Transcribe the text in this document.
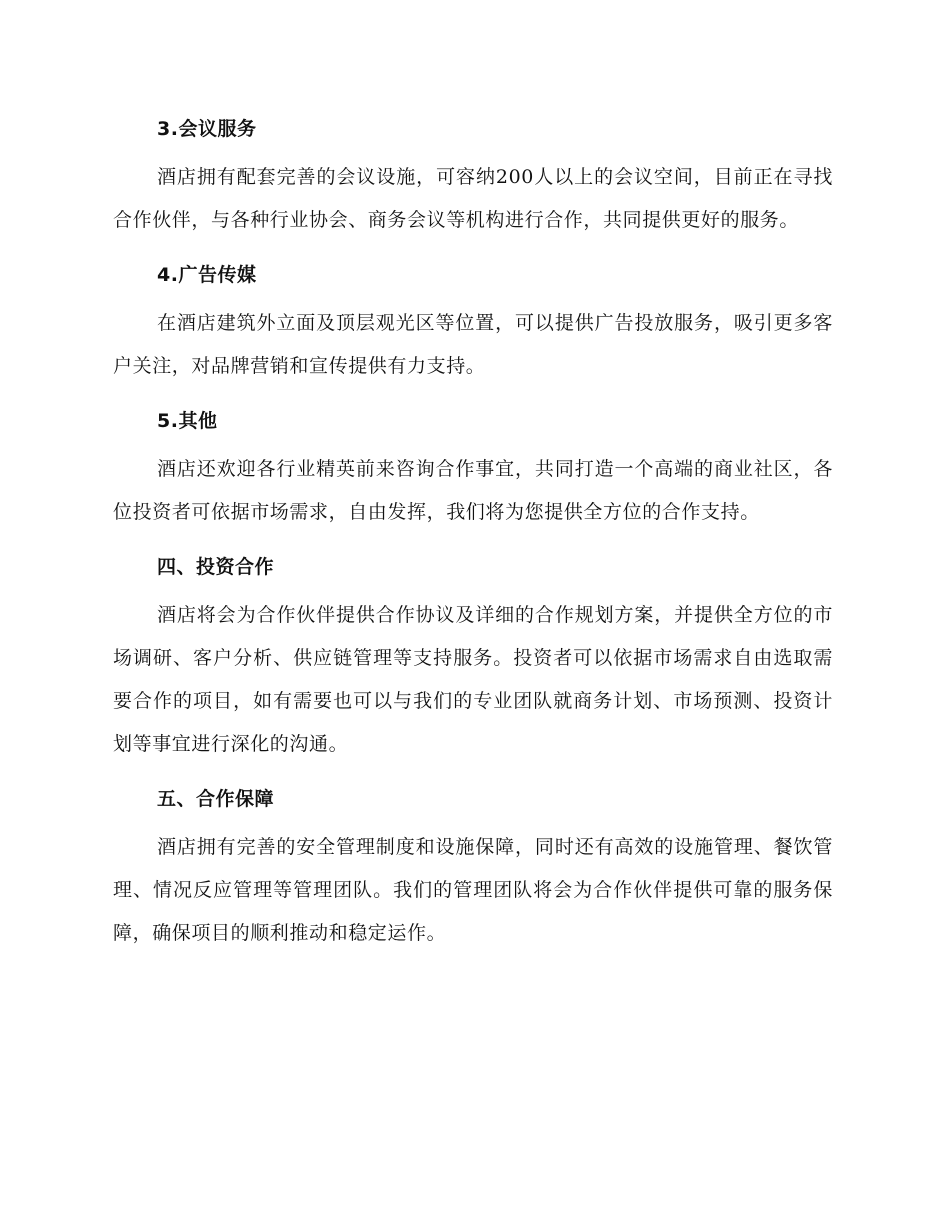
3.会议服务

酒店拥有配套完善的会议设施，可容纳200人以上的会议空间，目前正在寻找合作伙伴，与各种行业协会、商务会议等机构进行合作，共同提供更好的服务。

4.广告传媒

在酒店建筑外立面及顶层观光区等位置，可以提供广告投放服务，吸引更多客户关注，对品牌营销和宣传提供有力支持。

5.其他

酒店还欢迎各行业精英前来咨询合作事宜，共同打造一个高端的商业社区，各位投资者可依据市场需求，自由发挥，我们将为您提供全方位的合作支持。

四、投资合作

酒店将会为合作伙伴提供合作协议及详细的合作规划方案，并提供全方位的市场调研、客户分析、供应链管理等支持服务。投资者可以依据市场需求自由选取需要合作的项目，如有需要也可以与我们的专业团队就商务计划、市场预测、投资计划等事宜进行深化的沟通。

五、合作保障

酒店拥有完善的安全管理制度和设施保障，同时还有高效的设施管理、餐饮管理、情况反应管理等管理团队。我们的管理团队将会为合作伙伴提供可靠的服务保障，确保项目的顺利推动和稳定运作。
